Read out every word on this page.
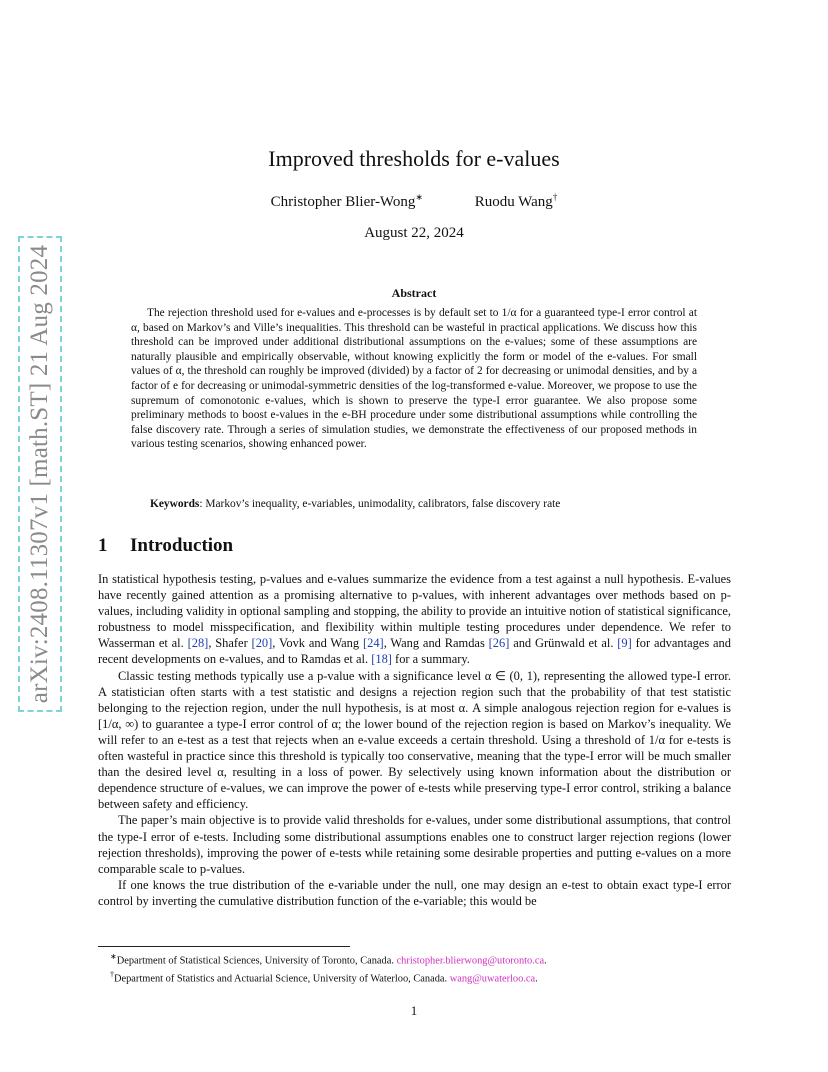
arXiv:2408.11307v1 [math.ST] 21 Aug 2024
Improved thresholds for e-values
Christopher Blier-Wong∗	Ruodu Wang†
August 22, 2024
Abstract

The rejection threshold used for e-values and e-processes is by default set to 1/α for a guaranteed type-I error control at α, based on Markov’s and Ville’s inequalities. This threshold can be wasteful in practical applications. We discuss how this threshold can be improved under additional distributional assumptions on the e-values; some of these assumptions are naturally plausible and empirically observable, without knowing explicitly the form or model of the e-values. For small values of α, the threshold can roughly be improved (divided) by a factor of 2 for decreasing or unimodal densities, and by a factor of e for decreasing or unimodal-symmetric densities of the log-transformed e-value. Moreover, we propose to use the supremum of comonotonic e-values, which is shown to preserve the type-I error guarantee. We also propose some preliminary methods to boost e-values in the e-BH procedure under some distributional assumptions while controlling the false discovery rate. Through a series of simulation studies, we demonstrate the effectiveness of our proposed methods in various testing scenarios, showing enhanced power.

Keywords: Markov’s inequality, e-variables, unimodality, calibrators, false discovery rate
1 Introduction

In statistical hypothesis testing, p-values and e-values summarize the evidence from a test against a null hypothesis. E-values have recently gained attention as a promising alternative to p-values, with inherent advantages over methods based on p-values, including validity in optional sampling and stopping, the ability to provide an intuitive notion of statistical significance, robustness to model misspecification, and flexibility within multiple testing procedures under dependence. We refer to Wasserman et al. [28], Shafer [20], Vovk and Wang [24], Wang and Ramdas [26] and Grünwald et al. [9] for advantages and recent developments on e-values, and to Ramdas et al. [18] for a summary.

Classic testing methods typically use a p-value with a significance level α ∈ (0, 1), representing the allowed type-I error. A statistician often starts with a test statistic and designs a rejection region such that the probability of that test statistic belonging to the rejection region, under the null hypothesis, is at most α. A simple analogous rejection region for e-values is [1/α, ∞) to guarantee a type-I error control of α; the lower bound of the rejection region is based on Markov’s inequality. We will refer to an e-test as a test that rejects when an e-value exceeds a certain threshold. Using a threshold of 1/α for e-tests is often wasteful in practice since this threshold is typically too conservative, meaning that the type-I error will be much smaller than the desired level α, resulting in a loss of power. By selectively using known information about the distribution or dependence structure of e-values, we can improve the power of e-tests while preserving type-I error control, striking a balance between safety and efficiency.

The paper’s main objective is to provide valid thresholds for e-values, under some distributional assumptions, that control the type-I error of e-tests. Including some distributional assumptions enables one to construct larger rejection regions (lower rejection thresholds), improving the power of e-tests while retaining some desirable properties and putting e-values on a more comparable scale to p-values.

If one knows the true distribution of the e-variable under the null, one may design an e-test to obtain exact type-I error control by inverting the cumulative distribution function of the e-variable; this would be

∗Department of Statistical Sciences, University of Toronto, Canada. christopher.blierwong@utoronto.ca.
†Department of Statistics and Actuarial Science, University of Waterloo, Canada. wang@uwaterloo.ca.
1
